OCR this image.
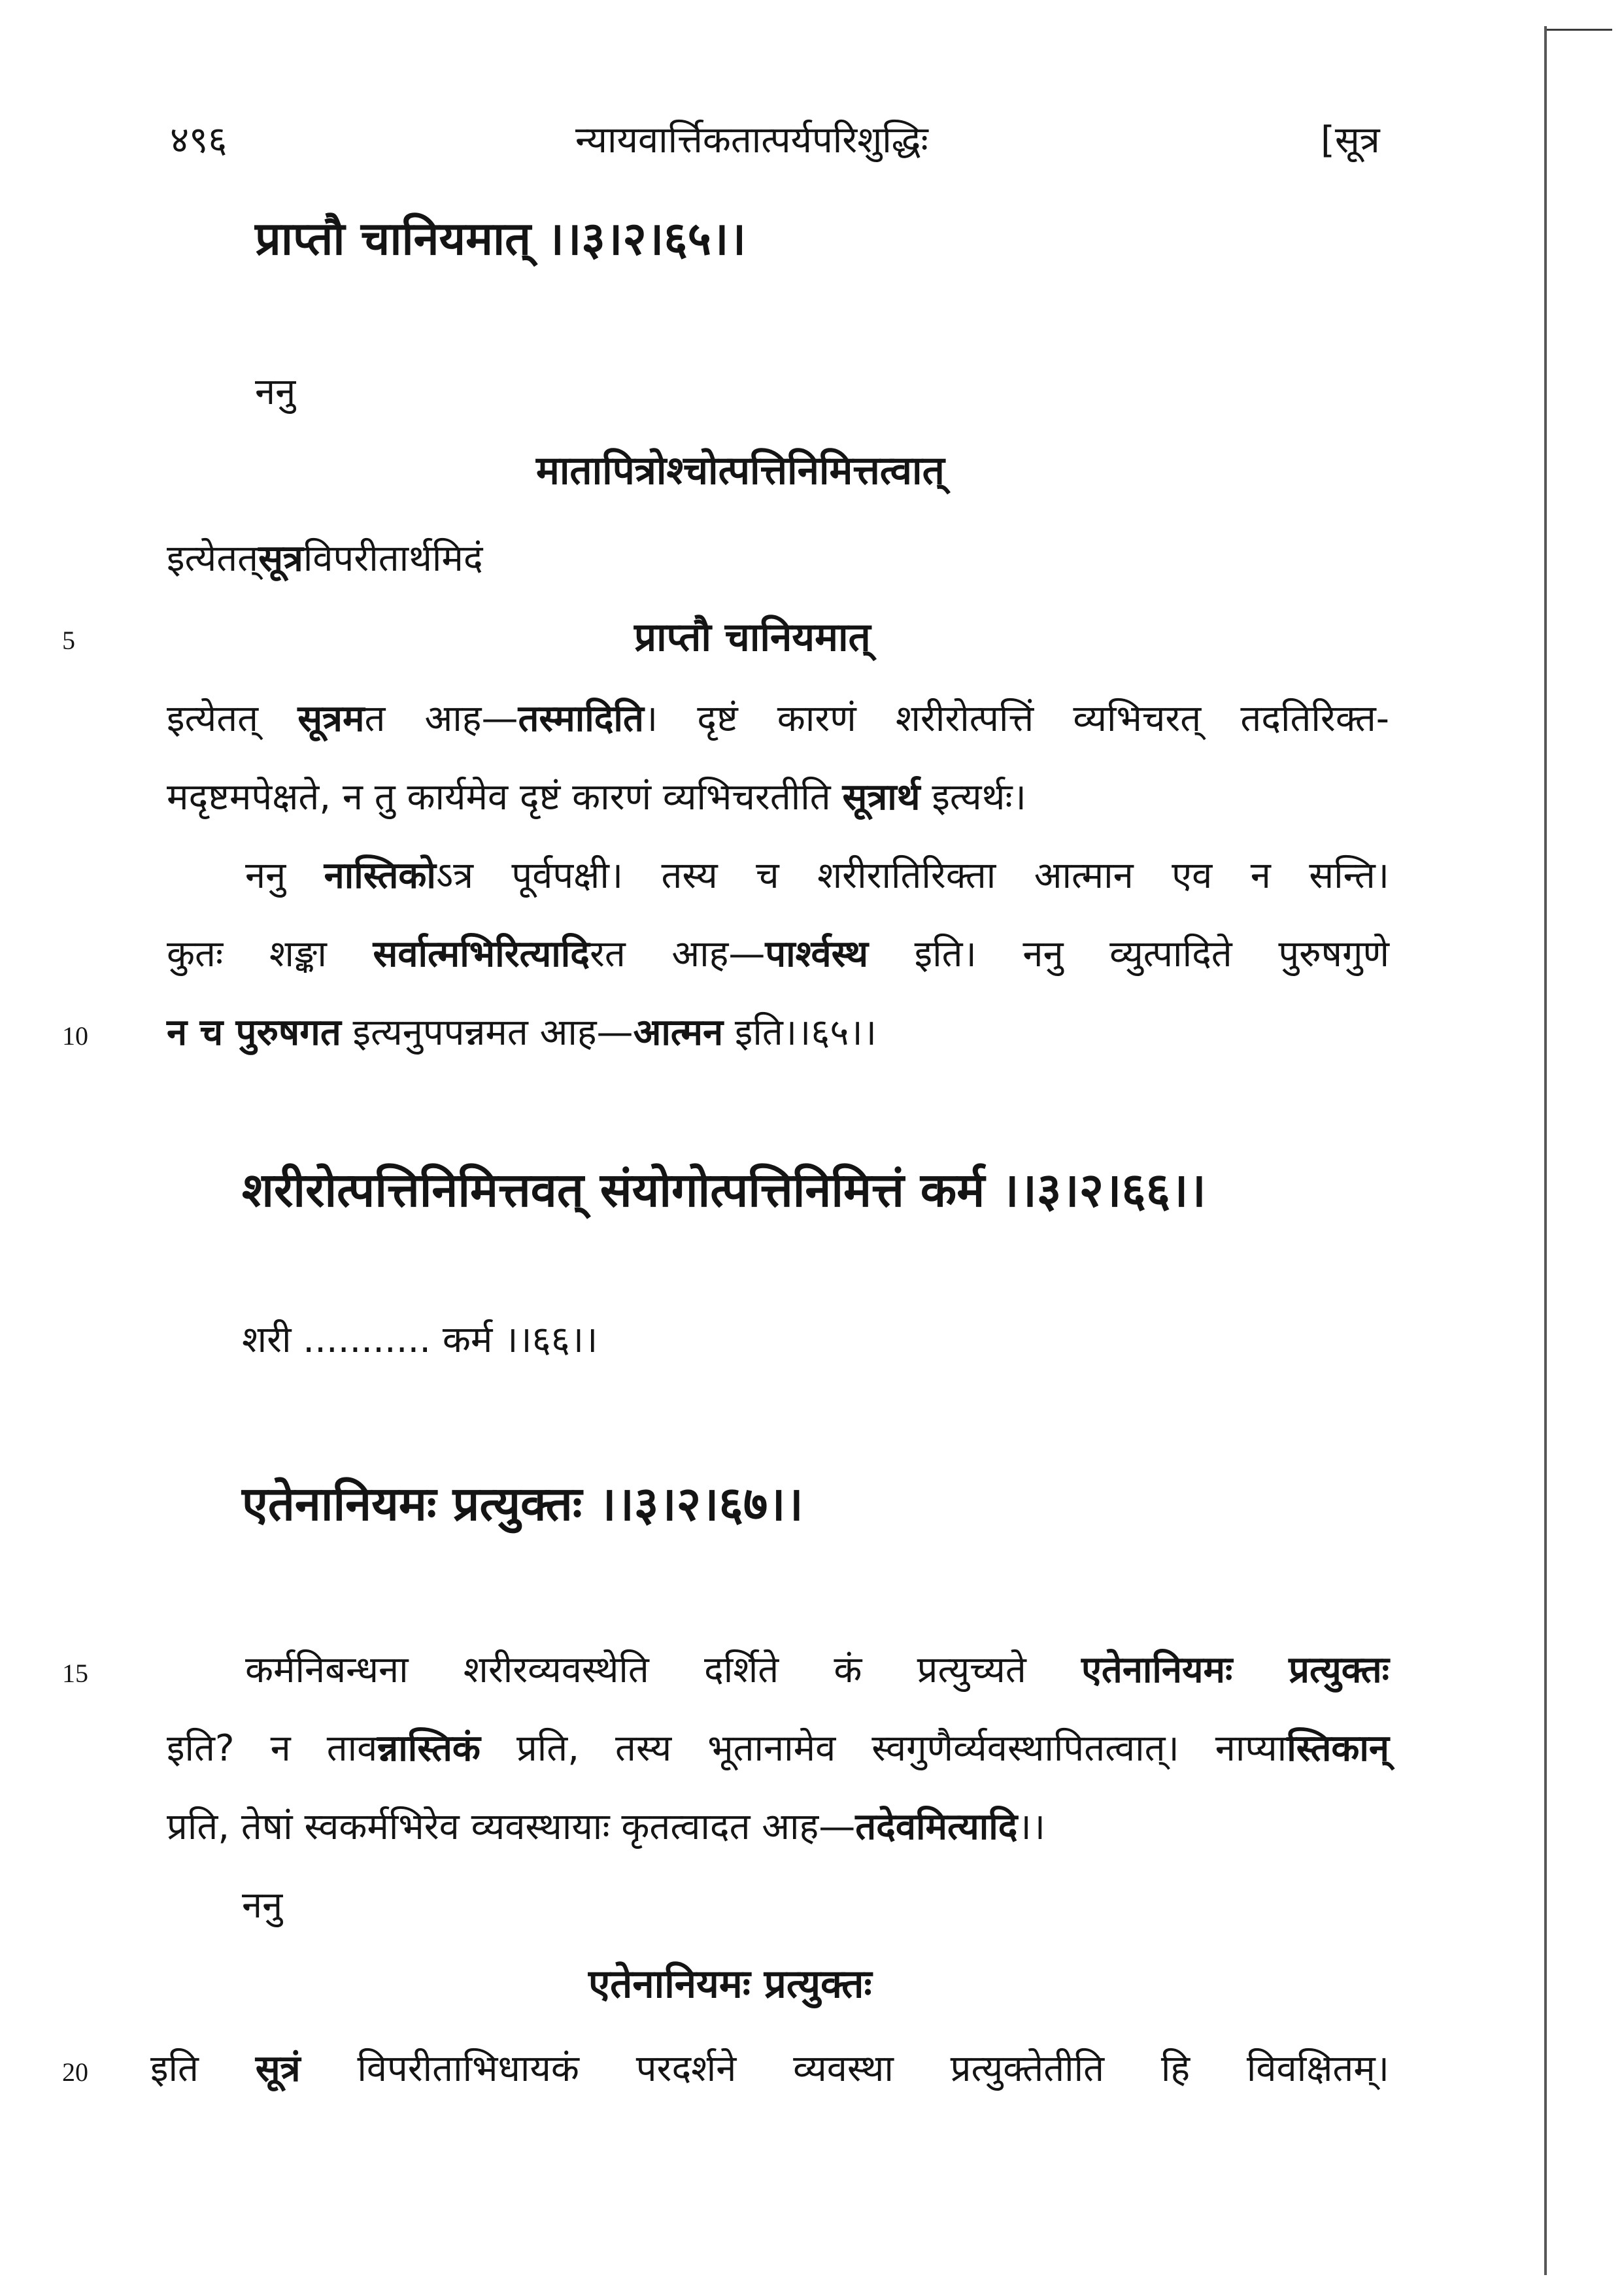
४९६	न्यायवार्त्तिकतात्पर्यपरिशुद्धिः	[सूत्र
प्राप्तौ चानियमात् ।।३।२।६५।।
ननु
मातापित्रोश्चोत्पत्तिनिमित्तत्वात्
इत्येतत्सूत्रविपरीतार्थमिदं
5	प्राप्तौ चानियमात्
इत्येतत् सूत्रमत आह—तस्मादिति। दृष्टं कारणं शरीरोत्पत्तिं व्यभिचरत् तदतिरिक्त-
मदृष्टमपेक्षते, न तु कार्यमेव दृष्टं कारणं व्यभिचरतीति सूत्रार्थ इत्यर्थः।
ननु नास्तिकोऽत्र पूर्वपक्षी। तस्य च शरीरातिरिक्ता आत्मान एव न सन्ति।
कुतः शङ्का सर्वात्मभिरित्यादिरत आह—पार्श्वस्थ इति। ननु व्युत्पादिते पुरुषगुणे
10 न च पुरुषगत इत्यनुपपन्नमत आह—आत्मन इति।।६५।।
शरीरोत्पत्तिनिमित्तवत् संयोगोत्पत्तिनिमित्तं कर्म ।।३।२।६६।।
शरी ........... कर्म ।।६६।।
एतेनानियमः प्रत्युक्तः ।।३।२।६७।।
15	कर्मनिबन्धना शरीरव्यवस्थेति दर्शिते कं प्रत्युच्यते एतेनानियमः प्रत्युक्तः
इति? न तावन्नास्तिकं प्रति, तस्य भूतानामेव स्वगुणैर्व्यवस्थापितत्वात्। नाप्यास्तिकान्
प्रति, तेषां स्वकर्मभिरेव व्यवस्थायाः कृतत्वादत आह—तदेवमित्यादि।।
ननु
एतेनानियमः प्रत्युक्तः
20 इति सूत्रं विपरीताभिधायकं परदर्शने व्यवस्था प्रत्युक्तेतीति हि विवक्षितम्।
